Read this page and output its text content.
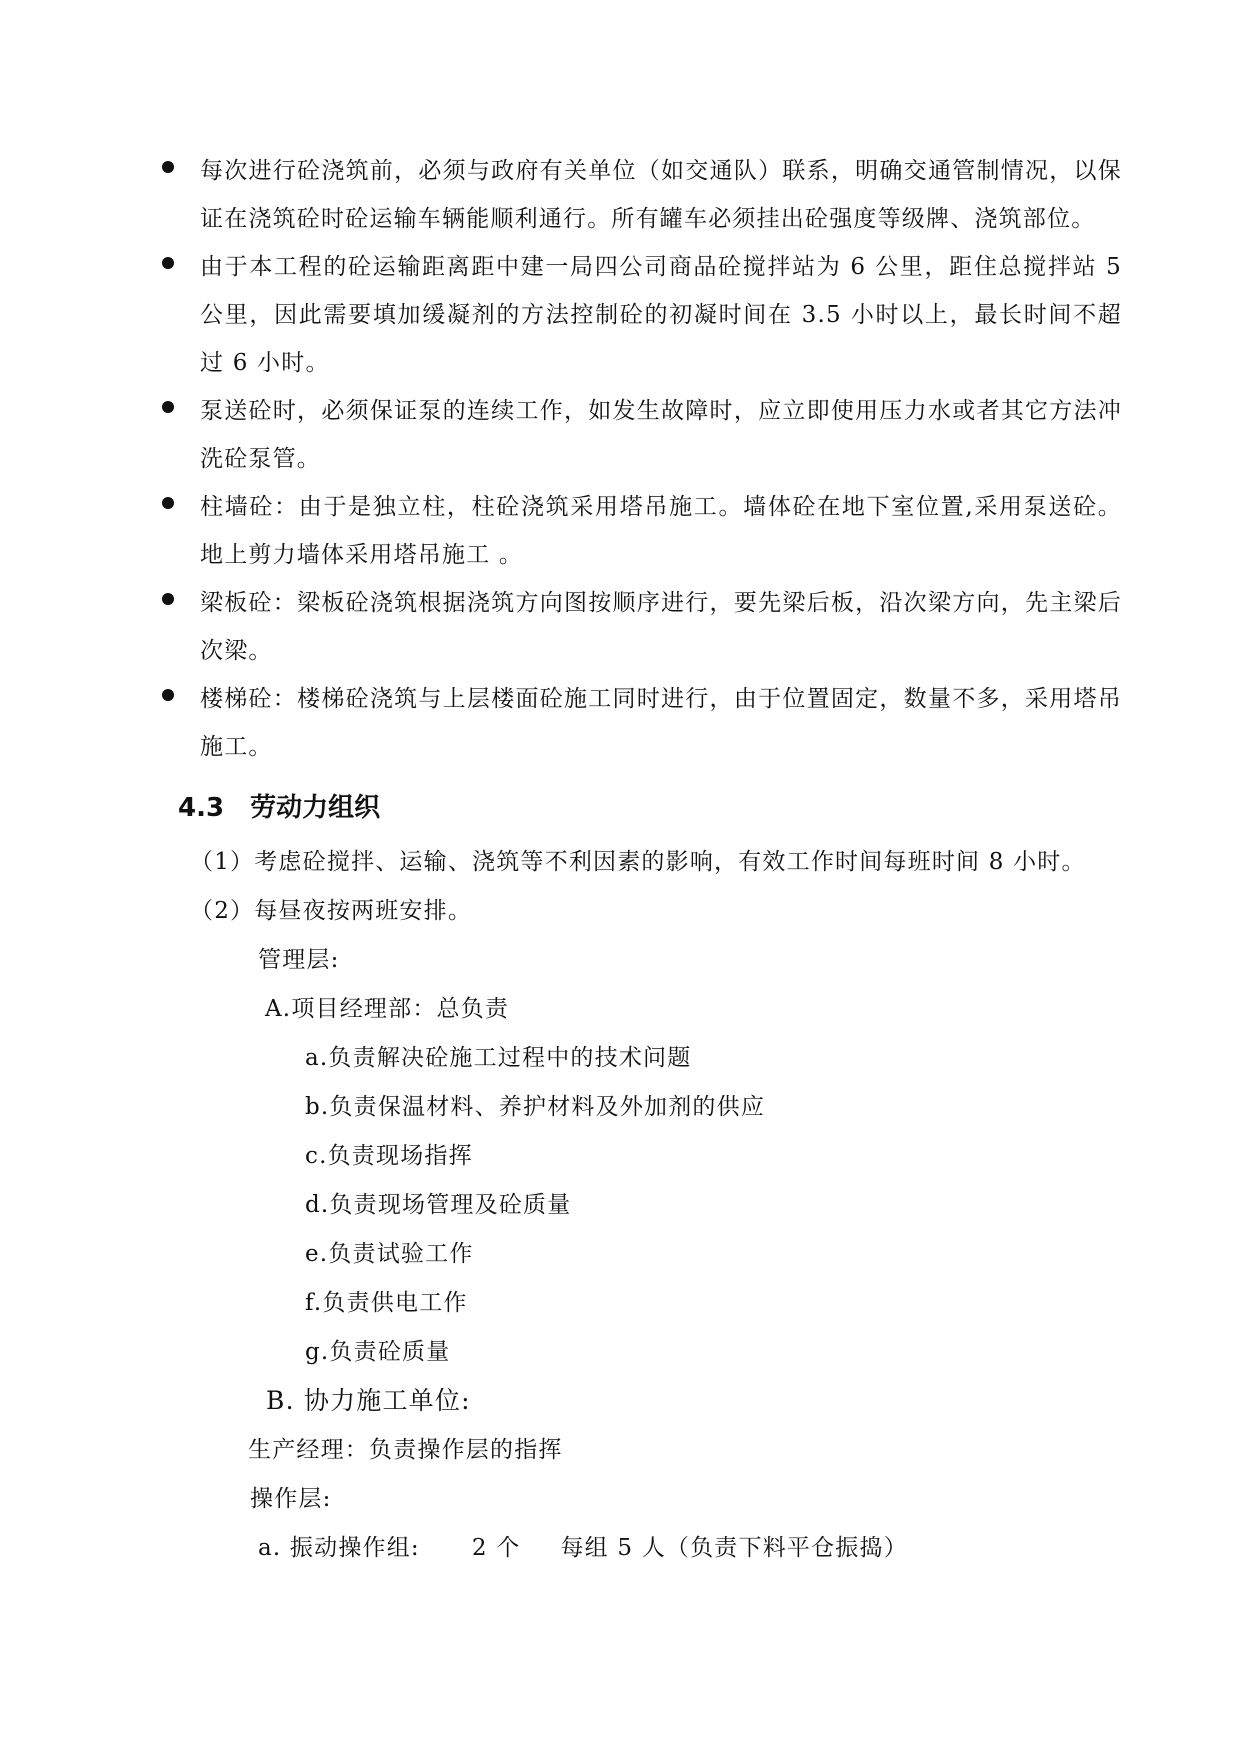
每次进行砼浇筑前，必须与政府有关单位（如交通队）联系，明确交通管制情况，以保证在浇筑砼时砼运输车辆能顺利通行。所有罐车必须挂出砼强度等级牌、浇筑部位。
由于本工程的砼运输距离距中建一局四公司商品砼搅拌站为 6 公里，距住总搅拌站 5 公里，因此需要填加缓凝剂的方法控制砼的初凝时间在 3.5 小时以上，最长时间不超过 6 小时。
泵送砼时，必须保证泵的连续工作，如发生故障时，应立即使用压力水或者其它方法冲洗砼泵管。
柱墙砼：由于是独立柱，柱砼浇筑采用塔吊施工。墙体砼在地下室位置,采用泵送砼。地上剪力墙体采用塔吊施工 。
梁板砼：梁板砼浇筑根据浇筑方向图按顺序进行，要先梁后板，沿次梁方向，先主梁后次梁。
楼梯砼：楼梯砼浇筑与上层楼面砼施工同时进行，由于位置固定，数量不多，采用塔吊施工。
4.3 劳动力组织
（1）考虑砼搅拌、运输、浇筑等不利因素的影响，有效工作时间每班时间 8 小时。
（2）每昼夜按两班安排。
管理层:
A.项目经理部：总负责
a.负责解决砼施工过程中的技术问题
b.负责保温材料、养护材料及外加剂的供应
c.负责现场指挥
d.负责现场管理及砼质量
e.负责试验工作
f.负责供电工作
g.负责砼质量
B. 协力施工单位:
生产经理：负责操作层的指挥
操作层:
a. 振动操作组: 2 个 每组 5 人（负责下料平仓振捣）
